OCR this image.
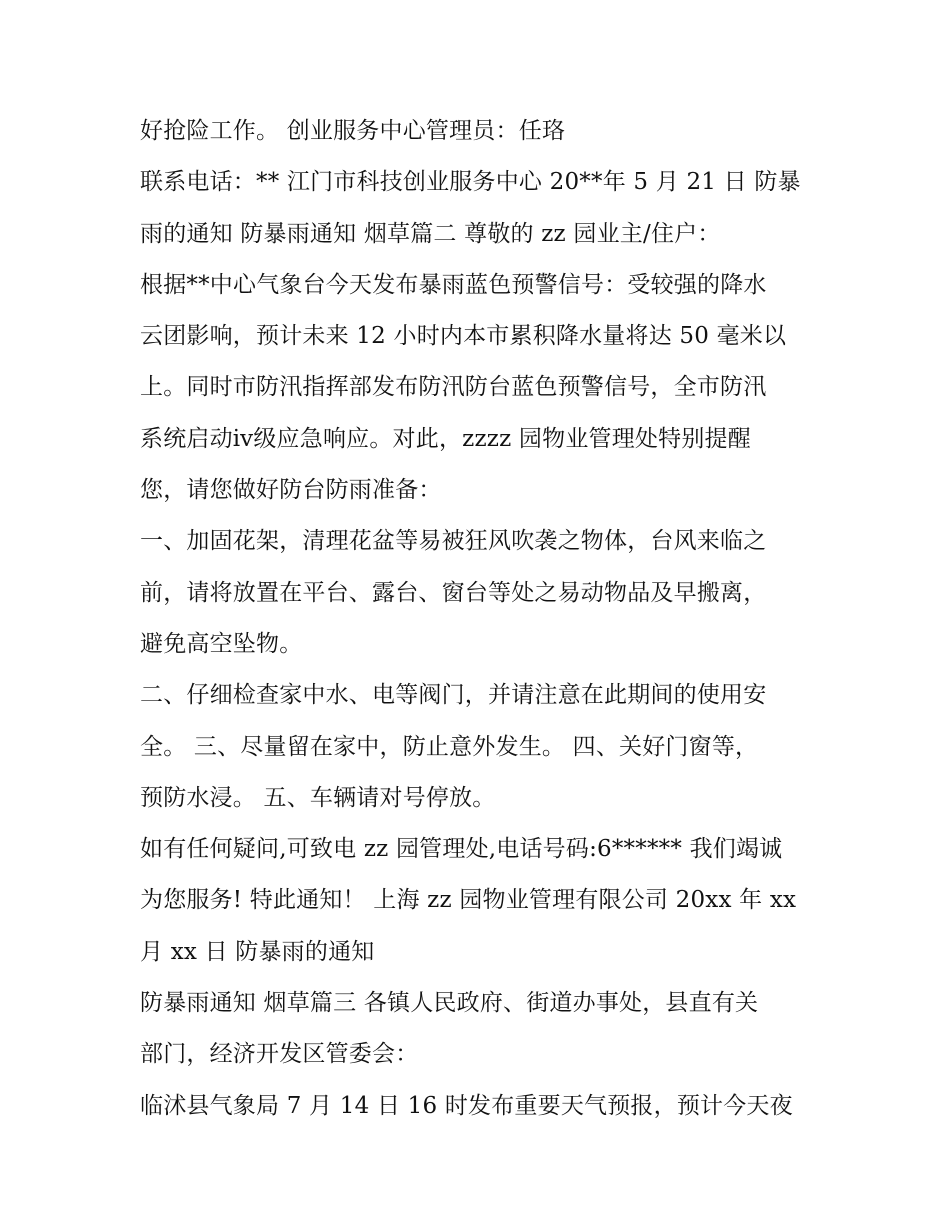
好抢险工作。 创业服务中心管理员：任珞
联系电话：** 江门市科技创业服务中心 20**年 5 月 21 日 防暴
雨的通知 防暴雨通知 烟草篇二 尊敬的 zz 园业主/住户：
根据**中心气象台今天发布暴雨蓝色预警信号：受较强的降水
云团影响，预计未来 12 小时内本市累积降水量将达 50 毫米以
上。同时市防汛指挥部发布防汛防台蓝色预警信号，全市防汛
系统启动ⅳ级应急响应。对此，zzzz 园物业管理处特别提醒
您，请您做好防台防雨准备：
一、加固花架，清理花盆等易被狂风吹袭之物体，台风来临之
前，请将放置在平台、露台、窗台等处之易动物品及早搬离，
避免高空坠物。
二、仔细检查家中水、电等阀门，并请注意在此期间的使用安
全。 三、尽量留在家中，防止意外发生。 四、关好门窗等，
预防水浸。 五、车辆请对号停放。
如有任何疑问,可致电 zz 园管理处,电话号码:6****** 我们竭诚
为您服务! 特此通知！ 上海 zz 园物业管理有限公司 20xx 年 xx
月 xx 日 防暴雨的通知
防暴雨通知 烟草篇三 各镇人民政府、街道办事处，县直有关
部门，经济开发区管委会：
临沭县气象局 7 月 14 日 16 时发布重要天气预报，预计今天夜
